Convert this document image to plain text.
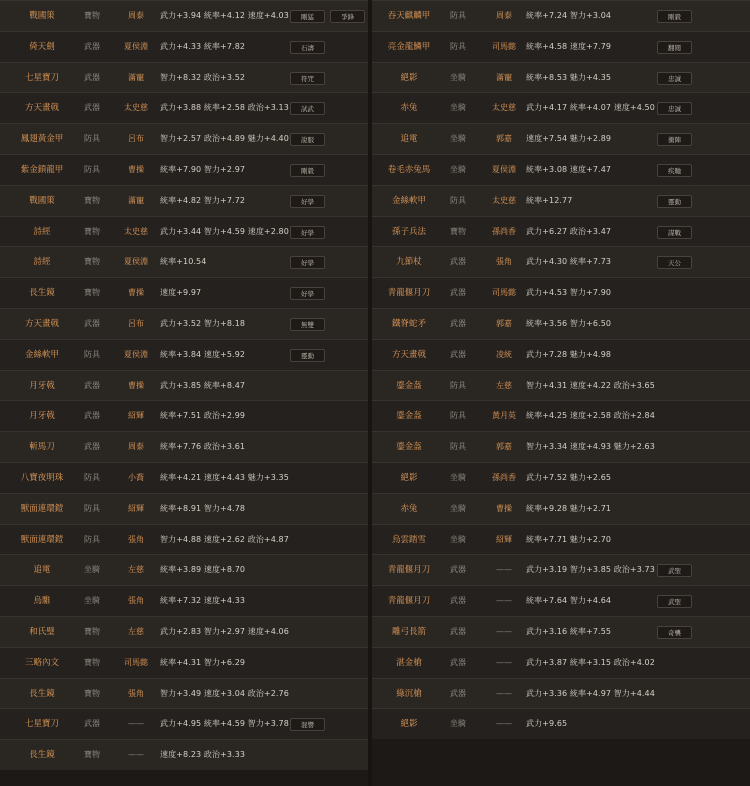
戰國策	寶物	周泰	武力+3.94 統率+4.12 速度+4.03	剛猛	爭鋒
倚天劍	武器	夏侯淵	武力+4.33 統率+7.82	石濤
七星寶刀	武器	滿寵	智力+8.32 政治+3.52	符咒
方天畫戟	武器	太史慈	武力+3.88 統率+2.58 政治+3.13	試武
鳳翅黃金甲	防具	呂布	智力+2.57 政治+4.89 魅力+4.40	說服
紫金鎖龍甲	防具	曹操	統率+7.90 智力+2.97	剛毅
戰國策	寶物	滿寵	統率+4.82 智力+7.72	好學
詩經	寶物	太史慈	武力+3.44 智力+4.59 速度+2.80	好學
詩經	寶物	夏侯淵	統率+10.54	好學
長生鏡	寶物	曹操	速度+9.97	好學
方天畫戟	武器	呂布	武力+3.52 智力+8.18	無雙
金絲軟甲	防具	夏侯淵	統率+3.84 速度+5.92	靈動
月牙戟	武器	曹操	武力+3.85 統率+8.47
月牙戟	武器	紹輝	統率+7.51 政治+2.99
斬馬刀	武器	周泰	統率+7.76 政治+3.61
八寶夜明珠	防具	小喬	統率+4.21 速度+4.43 魅力+3.35
獸面連環鎧	防具	紹輝	統率+8.91 智力+4.78
獸面連環鎧	防具	張角	智力+4.88 速度+2.62 政治+4.87
追電	坐騎	左慈	統率+3.89 速度+8.70
烏騅	坐騎	張角	統率+7.32 速度+4.33
和氏璧	寶物	左慈	武力+2.83 智力+2.97 速度+4.06
三略內文	寶物	司馬懿	統率+4.31 智力+6.29
長生鏡	寶物	張角	智力+3.49 速度+3.04 政治+2.76
七星寶刀	武器	——	武力+4.95 統率+4.59 智力+3.78	混響
長生鏡	寶物	——	速度+8.23 政治+3.33
吞天麒麟甲	防具	周泰	統率+7.24 智力+3.04	剛毅
亮金龍鱗甲	防具	司馬懿	統率+4.58 速度+7.79	翻閱
絕影	坐騎	滿寵	統率+8.53 魅力+4.35	忠誠
赤兔	坐騎	太史慈	武力+4.17 統率+4.07 速度+4.50	忠誠
追電	坐騎	郭嘉	速度+7.54 魅力+2.89	衝陣
卷毛赤兔馬	坐騎	夏侯淵	統率+3.08 速度+7.47	疾馳
金絲軟甲	防具	太史慈	統率+12.77	靈動
孫子兵法	寶物	孫尚香	武力+6.27 政治+3.47	謀戰
九節杖	武器	張角	武力+4.30 統率+7.73	天公
青龍偃月刀	武器	司馬懿	武力+4.53 智力+7.90
鐵脊蛇矛	武器	郭嘉	統率+3.56 智力+6.50
方天畫戟	武器	凌統	武力+7.28 魅力+4.98
鎏金盔	防具	左慈	智力+4.31 速度+4.22 政治+3.65
鎏金盔	防具	黃月英	統率+4.25 速度+2.58 政治+2.84
鎏金盔	防具	郭嘉	智力+3.34 速度+4.93 魅力+2.63
絕影	坐騎	孫尚香	武力+7.52 魅力+2.65
赤兔	坐騎	曹操	統率+9.28 魅力+2.71
烏雲踏雪	坐騎	紹輝	統率+7.71 魅力+2.70
青龍偃月刀	武器	——	武力+3.19 智力+3.85 政治+3.73	武聖
青龍偃月刀	武器	——	統率+7.64 智力+4.64	武聖
雕弓長箭	武器	——	武力+3.16 統率+7.55	奇襲
湛金槍	武器	——	武力+3.87 統率+3.15 政治+4.02
綠沉槍	武器	——	武力+3.36 統率+4.97 智力+4.44
絕影	坐騎	——	武力+9.65
